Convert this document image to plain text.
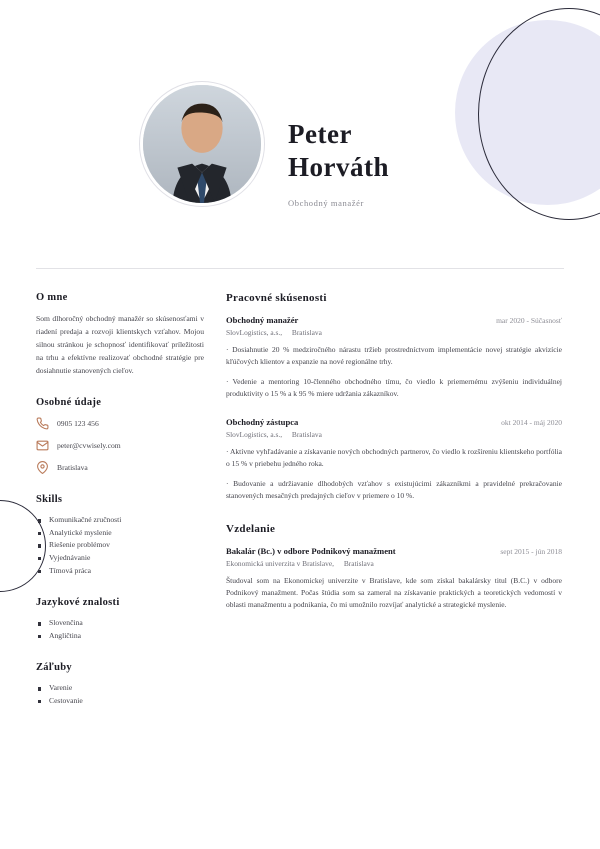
Peter
Horváth
Obchodný manažér
O mne

Som dlhoročný obchodný manažér so skúsenosťami v riadení predaja a rozvoji klientskych vzťahov. Mojou silnou stránkou je schopnosť identifikovať príležitosti na trhu a efektívne realizovať obchodné stratégie pre dosiahnutie stanovených cieľov.

Osobné údaje
0905 123 456
peter@cvwisely.com
Bratislava
Skills
Komunikačné zručnosti
Analytické myslenie
Riešenie problémov
Vyjednávanie
Tímová práca
Jazykové znalosti
Slovenčina
Angličtina
Záľuby
Varenie
Cestovanie
Pracovné skúsenosti
Obchodný manažér	mar 2020 - Súčasnosť
SlovLogistics, a.s., Bratislava

· Dosiahnutie 20 % medziročného nárastu tržieb prostredníctvom implementácie novej stratégie akvizície kľúčových klientov a expanzie na nové regionálne trhy.

· Vedenie a mentoring 10-členného obchodného tímu, čo viedlo k priemernému zvýšeniu individuálnej produktivity o 15 % a k 95 % miere udržania zákazníkov.

Obchodný zástupca	okt 2014 - máj 2020
SlovLogistics, a.s., Bratislava

· Aktívne vyhľadávanie a získavanie nových obchodných partnerov, čo viedlo k rozšíreniu klientskeho portfólia o 15 % v priebehu jedného roka.

· Budovanie a udržiavanie dlhodobých vzťahov s existujúcimi zákazníkmi a pravidelné prekračovanie stanovených mesačných predajných cieľov v priemere o 10 %.

Vzdelanie
Bakalár (Bc.) v odbore Podnikový manažment	sept 2015 - jún 2018
Ekonomická univerzita v Bratislave, Bratislava

Študoval som na Ekonomickej univerzite v Bratislave, kde som získal bakalársky titul (B.C.) v odbore Podnikový manažment. Počas štúdia som sa zameral na získavanie praktických a teoretických vedomostí v oblasti manažmentu a podnikania, čo mi umožnilo rozvíjať analytické a strategické myslenie.
